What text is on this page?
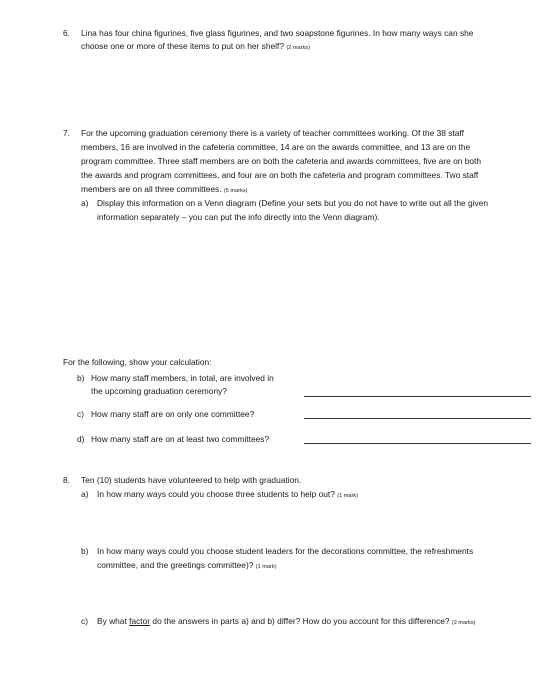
6. Lina has four china figurines, five glass figurines, and two soapstone figurines. In how many ways can she
choose one or more of these items to put on her shelf? (2 marks)
7. For the upcoming graduation ceremony there is a variety of teacher committees working. Of the 38 staff
members, 16 are involved in the cafeteria committee, 14 are on the awards committee, and 13 are on the
program committee. Three staff members are on both the cafeteria and awards committees, five are on both
the awards and program committees, and four are on both the cafeteria and program committees. Two staff
members are on all three committees. (5 marks)
a) Display this information on a Venn diagram (Define your sets but you do not have to write out all the given
information separately – you can put the info directly into the Venn diagram).
For the following, show your calculation:
b) How many staff members, in total, are involved in
the upcoming graduation ceremony?
c) How many staff are on only one committee?
d) How many staff are on at least two committees?
8. Ten (10) students have volunteered to help with graduation.
a) In how many ways could you choose three students to help out? (1 mark)
b) In how many ways could you choose student leaders for the decorations committee, the refreshments
committee, and the greetings committee)? (1 mark)
c) By what factor do the answers in parts a) and b) differ? How do you account for this difference? (2 marks)
